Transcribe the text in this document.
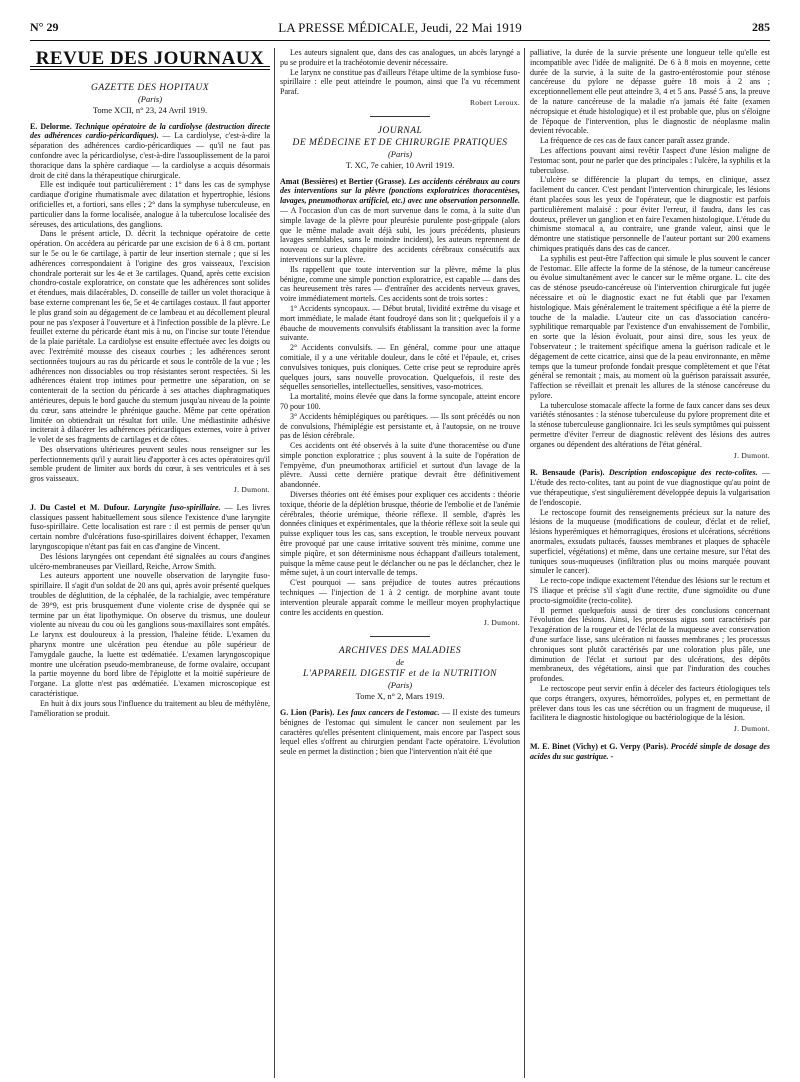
N° 29	LA PRESSE MÉDICALE, Jeudi, 22 Mai 1919	285
REVUE DES JOURNAUX

GAZETTE DES HOPITAUX

(Paris)

Tome XCII, n° 23, 24 Avril 1919.

E. Delorme. Technique opératoire de la cardiolyse (destruction directe des adhérences cardio-péricardiques). — La cardiolyse, c'est-à-dire la séparation des adhérences cardio-péricardiques — qu'il ne faut pas confondre avec la péricardiolyse, c'est-à-dire l'assouplissement de la paroi thoracique dans la sphère cardiaque — la cardiolyse a acquis désormais droit de cité dans la thérapeutique chirurgicale.

Elle est indiquée tout particulièrement : 1° dans les cas de symphyse cardiaque d'origine rhumatismale avec dilatation et hypertrophie, lésions orificielles et, a fortiori, sans elles ; 2° dans la symphyse tuberculeuse, en particulier dans la forme localisée, analogue à la tuberculose localisée des séreuses, des articulations, des ganglions.

Dans le présent article, D. décrit la technique opératoire de cette opération. On accédera au péricarde par une excision de 6 à 8 cm. portant sur le 5e ou le 6e cartilage, à partir de leur insertion sternale ; que si les adhérences correspondaient à l'origine des gros vaisseaux, l'excision chondrale porterait sur les 4e et 3e cartilages. Quand, après cette excision chondro-costale exploratrice, on constate que les adhérences sont solides et étendues, mais dilacérables, D. conseille de tailler un volet thoracique à base externe comprenant les 6e, 5e et 4e cartilages costaux. Il faut apporter le plus grand soin au dégagement de ce lambeau et au décollement pleural pour ne pas s'exposer à l'ouverture et à l'infection possible de la plèvre. Le feuillet externe du péricarde étant mis à nu, on l'incise sur toute l'étendue de la plaie pariétale. La cardiolyse est ensuite effectuée avec les doigts ou avec l'extrémité mousse des ciseaux courbes ; les adhérences seront sectionnées toujours au ras du péricarde et sous le contrôle de la vue ; les adhérences non dissociables ou trop résistantes seront respectées. Si les adhérences étaient trop intimes pour permettre une séparation, on se contenterait de la section du péricarde à ses attaches diaphragmatiques antérieures, depuis le bord gauche du sternum jusqu'au niveau de la pointe du cœur, sans atteindre le phrénique gauche. Même par cette opération limitée on obtiendrait un résultat fort utile. Une médiastinite adhésive inciterait à dilacérer les adhérences péricardiques externes, voire à priver le volet de ses fragments de cartilages et de côtes.

Des observations ultérieures peuvent seules nous renseigner sur les perfectionnements qu'il y aurait lieu d'apporter à ces actes opératoires qu'il semble prudent de limiter aux bords du cœur, à ses ventricules et à ses gros vaisseaux.

J. Dumont.

J. Du Castel et M. Dufour. Laryngite fuso-spirillaire. — Les livres classiques passent habituellement sous silence l'existence d'une laryngite fuso-spirillaire. Cette localisation est rare : il est permis de penser qu'un certain nombre d'ulcérations fuso-spirillaires doivent échapper, l'examen laryngoscopique n'étant pas fait en cas d'angine de Vincent.

Des lésions laryngées ont cependant été signalées au cours d'angines ulcéro-membraneuses par Vieillard, Reiche, Arrow Smith.

Les auteurs apportent une nouvelle observation de laryngite fuso-spirillaire. Il s'agit d'un soldat de 20 ans qui, après avoir présenté quelques troubles de déglutition, de la céphalée, de la rachialgie, avec température de 39°9, est pris brusquement d'une violente crise de dyspnée qui se termine par un état lipothymique. On observe du trismus, une douleur violente au niveau du cou où les ganglions sous-maxillaires sont empâtés. Le larynx est douloureux à la pression, l'haleine fétide. L'examen du pharynx montre une ulcération peu étendue au pôle supérieur de l'amygdale gauche, la luette est œdématiée. L'examen laryngoscopique montre une ulcération pseudo-membraneuse, de forme ovalaire, occupant la partie moyenne du bord libre de l'épiglotte et la moitié supérieure de l'organe. La glotte n'est pas œdématiée. L'examen microscopique est caractéristique.

En huit à dix jours sous l'influence du traitement au bleu de méthylène, l'amélioration se produit.

Les auteurs signalent que, dans des cas analogues, un abcès laryngé a pu se produire et la trachéotomie devenir nécessaire.

Le larynx ne constitue pas d'ailleurs l'étape ultime de la symbiose fuso-spirillaire : elle peut atteindre le poumon, ainsi que l'a vu récemment Paraf.

Robert Leroux.

JOURNAL

DE MÉDECINE ET DE CHIRURGIE PRATIQUES

(Paris)

T. XC, 7e cahier, 10 Avril 1919.

Amat (Bessières) et Bertier (Grasse). Les accidents cérébraux au cours des interventions sur la plèvre (ponctions exploratrices thoracentèses, lavages, pneumothorax artificiel, etc.) avec une observation personnelle. — A l'occasion d'un cas de mort survenue dans le coma, à la suite d'un simple lavage de la plèvre pour pleurésie purulente post-grippale (alors que le même malade avait déjà subi, les jours précédents, plusieurs lavages semblables, sans le moindre incident), les auteurs reprennent de nouveau ce curieux chapitre des accidents cérébraux consécutifs aux interventions sur la plèvre.

Ils rappellent que toute intervention sur la plèvre, même la plus bénigne, comme une simple ponction exploratrice, est capable — dans des cas heureusement très rares — d'entraîner des accidents nerveux graves, voire immédiatement mortels. Ces accidents sont de trois sortes :

1° Accidents syncopaux. — Début brutal, lividité extrême du visage et mort immédiate, le malade étant foudroyé dans son lit ; quelquefois il y a ébauche de mouvements convulsifs établissant la transition avec la forme suivante.

2° Accidents convulsifs. — En général, comme pour une attaque comitiale, il y a une véritable douleur, dans le côté et l'épaule, et, crises convulsives toniques, puis cloniques. Cette crise peut se reproduire après quelques jours, sans nouvelle provocation. Quelquefois, il reste des séquelles sensorielles, intellectuelles, sensitives, vaso-motrices.

La mortalité, moins élevée que dans la forme syncopale, atteint encore 70 pour 100.

3° Accidents hémiplégiques ou parétiques. — Ils sont précédés ou non de convulsions, l'hémiplégie est persistante et, à l'autopsie, on ne trouve pas de lésion cérébrale.

Ces accidents ont été observés à la suite d'une thoracentèse ou d'une simple ponction exploratrice ; plus souvent à la suite de l'opération de l'empyème, d'un pneumothorax artificiel et surtout d'un lavage de la plèvre. Aussi cette dernière pratique devrait être définitivement abandonnée.

Diverses théories ont été émises pour expliquer ces accidents : théorie toxique, théorie de la déplétion brusque, théorie de l'embolie et de l'anémie cérébrales, théorie urémique, théorie réflexe. Il semble, d'après les données cliniques et expérimentales, que la théorie réflexe soit la seule qui puisse expliquer tous les cas, sans exception, le trouble nerveux pouvant être provoqué par une cause irritative souvent très minime, comme une simple piqûre, et son déterminisme nous échappant d'ailleurs totalement, puisque la même cause peut le déclancher ou ne pas le déclancher, chez le même sujet, à un court intervalle de temps.

C'est pourquoi — sans préjudice de toutes autres précautions techniques — l'injection de 1 à 2 centigr. de morphine avant toute intervention pleurale apparaît comme le meilleur moyen prophylactique contre les accidents en question.

J. Dumont.

ARCHIVES DES MALADIES

de

L'APPAREIL DIGESTIF et de la NUTRITION

(Paris)

Tome X, n° 2, Mars 1919.

G. Lion (Paris). Les faux cancers de l'estomac. — Il existe des tumeurs bénignes de l'estomac qui simulent le cancer non seulement par les caractères qu'elles présentent cliniquement, mais encore par l'aspect sous lequel elles s'offrent au chirurgien pendant l'acte opératoire. L'évolution seule en permet la distinction ; bien que l'intervention n'ait été que

palliative, la durée de la survie présente une longueur telle qu'elle est incompatible avec l'idée de malignité. De 6 à 8 mois en moyenne, cette durée de la survie, à la suite de la gastro-entérostomie pour sténose cancéreuse du pylore ne dépasse guère 18 mois à 2 ans ; exceptionnellement elle peut atteindre 3, 4 et 5 ans. Passé 5 ans, la preuve de la nature cancéreuse de la maladie n'a jamais été faite (examen nécropsique et étude histologique) et il est probable que, plus on s'éloigne de l'époque de l'intervention, plus le diagnostic de néoplasme malin devient révocable.

La fréquence de ces cas de faux cancer paraît assez grande.

Les affections pouvant ainsi revêtir l'aspect d'une lésion maligne de l'estomac sont, pour ne parler que des principales : l'ulcère, la syphilis et la tuberculose.

L'ulcère se différencie la plupart du temps, en clinique, assez facilement du cancer. C'est pendant l'intervention chirurgicale, les lésions étant placées sous les yeux de l'opérateur, que le diagnostic est parfois particulièrement malaisé : pour éviter l'erreur, il faudra, dans les cas douteux, prélever un ganglion et en faire l'examen histologique. L'étude du chimisme stomacal a, au contraire, une grande valeur, ainsi que le démontre une statistique personnelle de l'auteur portant sur 200 examens chimiques pratiqués dans des cas de cancer.

La syphilis est peut-être l'affection qui simule le plus souvent le cancer de l'estomac. Elle affecte la forme de la sténose, de la tumeur cancéreuse ou évolue simultanément avec le cancer sur le même organe. L. cite des cas de sténose pseudo-cancéreuse où l'intervention chirurgicale fut jugée nécessaire et où le diagnostic exact ne fut établi que par l'examen histologique. Mais généralement le traitement spécifique a été la pierre de touche de la maladie. L'auteur cite un cas d'association cancéro-syphilitique remarquable par l'existence d'un envahissement de l'ombilic, en sorte que la lésion évoluait, pour ainsi dire, sous les yeux de l'observateur ; le traitement spécifique amena la guérison radicale et le dégagement de cette cicatrice, ainsi que de la peau environnante, en même temps que la tumeur profonde fondait presque complètement et que l'état général se remontait ; mais, au moment où la guérison paraissait assurée, l'affection se réveillait et prenait les allures de la sténose cancéreuse du pylore.

La tuberculose stomacale affecte la forme de faux cancer dans ses deux variétés sténosantes : la sténose tuberculeuse du pylore proprement dite et la sténose tuberculeuse ganglionnaire. Ici les seuls symptômes qui puissent permettre d'éviter l'erreur de diagnostic relèvent des lésions des autres organes ou dépendent des altérations de l'état général.

J. Dumont.

R. Bensaude (Paris). Description endoscopique des recto-colites. — L'étude des recto-colites, tant au point de vue diagnostique qu'au point de vue thérapeutique, s'est singulièrement développée depuis la vulgarisation de l'endoscopie.

Le rectoscope fournit des renseignements précieux sur la nature des lésions de la muqueuse (modifications de couleur, d'éclat et de relief, lésions hyperémiques et hémorragiques, érosions et ulcérations, sécrétions anormales, exsudats pultacés, fausses membranes et plaques de sphacèle superficiel, végétations) et même, dans une certaine mesure, sur l'état des tuniques sous-muqueuses (infiltration plus ou moins marquée pouvant simuler le cancer).

Le recto-cope indique exactement l'étendue des lésions sur le rectum et l'S iliaque et précise s'il s'agit d'une rectite, d'une sigmoïdite ou d'une procto-sigmoïdite (recto-colite).

Il permet quelquefois aussi de tirer des conclusions concernant l'évolution des lésions. Ainsi, les processus aigus sont caractérisés par l'exagération de la rougeur et de l'éclat de la muqueuse avec conservation d'une surface lisse, sans ulcération ni fausses membranes ; les processus chroniques sont plutôt caractérisés par une coloration plus pâle, une diminution de l'éclat et surtout par des ulcérations, des dépôts membraneux, des végétations, ainsi que par l'induration des couches profondes.

Le rectoscope peut servir enfin à déceler des facteurs étiologiques tels que corps étrangers, oxyures, hémorroïdes, polypes et, en permettant de prélever dans tous les cas une sécrétion ou un fragment de muqueuse, il facilitera le diagnostic histologique ou bactériologique de la lésion.

J. Dumont.

M. E. Binet (Vichy) et G. Verpy (Paris). Procédé simple de dosage des acides du suc gastrique. -
